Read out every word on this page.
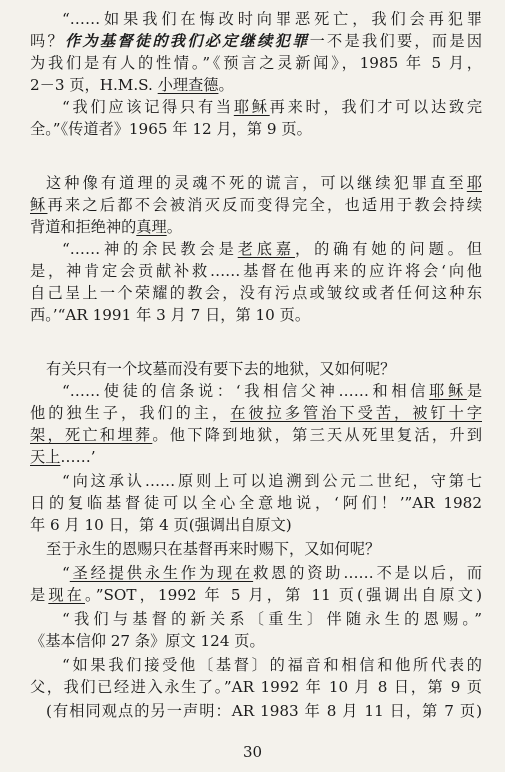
“……如果我们在悔改时向罪恶死亡，我们会再犯罪
吗？作为基督徒的我们必定继续犯罪一不是我们要，而是因
为我们是有人的性情。”《预言之灵新闻》，1985 年 5 月，
2－3 页，H.M.S. 小理查德。
“我们应该记得只有当耶稣再来时，我们才可以达致完
全。”《传道者》1965 年 12 月，第 9 页。
这种像有道理的灵魂不死的谎言，可以继续犯罪直至耶
稣再来之后都不会被消灭反而变得完全，也适用于教会持续
背道和拒绝神的真理。
“……神的余民教会是老底嘉，的确有她的问题。但
是，神肯定会贡献补救……基督在他再来的应许将会‘向他
自己呈上一个荣耀的教会，没有污点或皱纹或者任何这种东
西。’“AR 1991 年 3 月 7 日，第 10 页。
有关只有一个坟墓而没有要下去的地狱，又如何呢？
“……使徒的信条说：‘我相信父神……和相信耶稣是
他的独生子，我们的主，在彼拉多管治下受苦，被钉十字
架，死亡和埋葬。他下降到地狱，第三天从死里复活，升到
天上……’
“向这承认……原则上可以追溯到公元二世纪，守第七
日的复临基督徒可以全心全意地说，‘阿们！’”AR 1982
年 6 月 10 日，第 4 页(强调出自原文)
至于永生的恩赐只在基督再来时赐下，又如何呢？
“圣经提供永生作为现在救恩的资助……不是以后，而
是现在。”SOT，1992 年 5 月，第 11 页(强调出自原文)
“我们与基督的新关系〔重生〕伴随永生的恩赐。”
《基本信仰 27 条》原文 124 页。
“如果我们接受他〔基督〕的福音和相信和他所代表的
父，我们已经进入永生了。”AR 1992 年 10 月 8 日，第 9 页
(有相同观点的另一声明：AR 1983 年 8 月 11 日，第 7 页)
30
